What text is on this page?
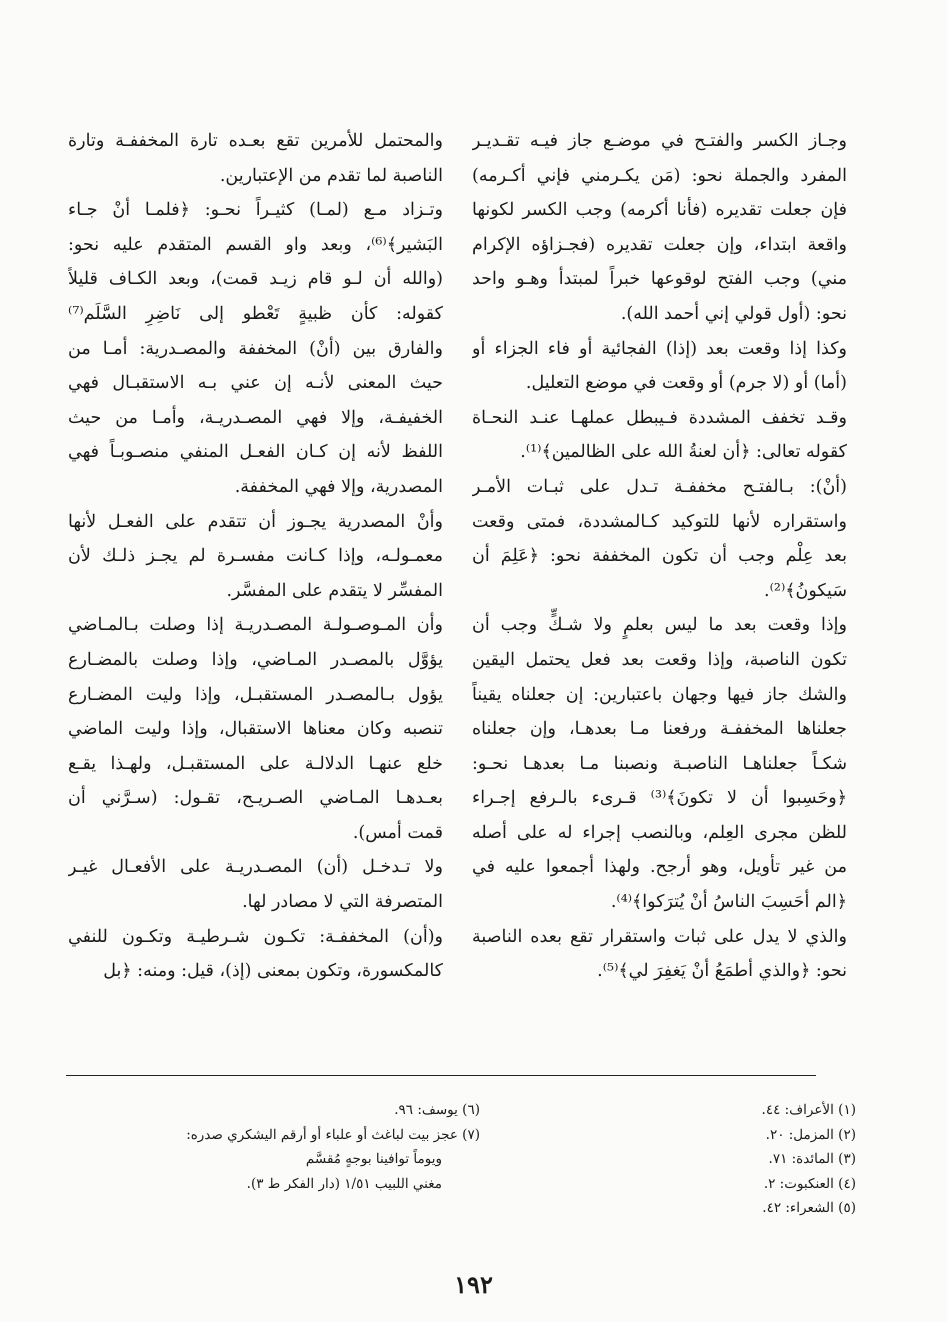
وجـاز الكسر والفتـح في موضـع جاز فيـه تقـديـر
المفرد والجملة نحو: (مَن يكـرمني فإني أكـرمه)
فإن جعلت تقديره (فأنا أكرمه) وجب الكسر لكونها
واقعة ابتداء، وإن جعلت تقديره (فجـزاؤه الإكرام
مني) وجب الفتح لوقوعها خبراً لمبتدأ وهـو واحد
نحو: (أول قولي إني أحمد الله).
وكذا إذا وقعت بعد (إذا) الفجائية أو فاء الجزاء أو
(أما) أو (لا جرم) أو وقعت في موضع التعليل.
وقـد تخفف المشددة فـيبطل عملهـا عنـد النحـاة
كقوله تعالى: ﴿أن لعنةُ الله على الظالمين﴾⁽¹⁾.
(أنْ): بـالفتـح مخففـة تـدل على ثبـات الأمـر
واستقراره لأنها للتوكيد كـالمشددة، فمتى وقعت
بعد عِلْم وجب أن تكون المخففة نحو: ﴿عَلِمَ أن
سَيكونُ﴾⁽²⁾.
وإذا وقعت بعد ما ليس بعلمٍ ولا شـكٍّ وجب أن
تكون الناصبة، وإذا وقعت بعد فعل يحتمل اليقين
والشك جاز فيها وجهان باعتبارين: إن جعلناه يقيناً
جعلناها المخففـة ورفعنا مـا بعدهـا، وإن جعلناه
شكـاً جعلناهـا الناصبـة ونصبنا مـا بعدهـا نحـو:
﴿وحَسِبوا أن لا تكونَ﴾⁽³⁾ قـرىء بالـرفع إجـراء
للظن مجرى العِلم، وبالنصب إجراء له على أصله
من غير تأويل، وهو أرجح. ولهذا أجمعوا عليه في
﴿الم أحَسِبَ الناسُ أنْ يُترَكوا﴾⁽⁴⁾.
والذي لا يدل على ثبات واستقرار تقع بعده الناصبة
نحو: ﴿والذي أطمَعُ أنْ يَغفِرَ لي﴾⁽⁵⁾.
والمحتمل للأمرين تقع بعـده تارة المخففـة وتارة
الناصبة لما تقدم من الإعتبارين.
وتـزاد مـع (لمـا) كثيـراً نحـو: ﴿فلمـا أنْ جـاء
البَشير﴾⁽⁶⁾، وبعد واو القسم المتقدم عليه نحو:
(والله أن لـو قام زيـد قمت)، وبعد الكـاف قليلاً
كقوله: كأن ظبيةٍ تَعْطو إلى نَاضِرِ السَّلَم⁽⁷⁾
والفارق بين (أنْ) المخففة والمصـدرية: أمـا من
حيث المعنى لأنـه إن عني بـه الاستقبـال فهي
الخفيفـة، وإلا فهي المصـدريـة، وأمـا من حيث
اللفظ لأنه إن كـان الفعـل المنفي منصـوبـاً فهي
المصدرية، وإلا فهي المخففة.
وأنْ المصدرية يجـوز أن تتقدم على الفعـل لأنها
معمـولـه، وإذا كـانت مفسـرة لم يجـز ذلـك لأن
المفسِّر لا يتقدم على المفسَّر.
وأن المـوصـولـة المصـدريـة إذا وصلت بـالمـاضي
يؤوَّل بالمصـدر المـاضي، وإذا وصلت بالمضـارع
يؤول بـالمصـدر المستقبـل، وإذا وليت المضـارع
تنصبه وكان معناها الاستقبال، وإذا وليت الماضي
خلع عنهـا الدلالـة على المستقبـل، ولهـذا يقـع
بعـدهـا المـاضي الصـريـح، تقـول: (سـرَّني أن
قمت أمس).
ولا تـدخـل (أن) المصـدريـة على الأفعـال غيـر
المتصرفة التي لا مصادر لها.
و(أن) المخففـة: تكـون شـرطيـة وتكـون للنفي
كالمكسورة، وتكون بمعنى (إذ)، قيل: ومنه: ﴿بل
(١) الأعراف: ٤٤.
(٢) المزمل: ٢٠.
(٣) المائدة: ٧١.
(٤) العنكبوت: ٢.
(٥) الشعراء: ٤٢.
(٦) يوسف: ٩٦.
(٧) عجز بيت لباغث أو علباء أو أرقم اليشكري صدره:
ويوماً توافينا بوجهٍ مُقسَّم
مغني اللبيب ١/٥١ (دار الفكر ط ٣).
١٩٢
